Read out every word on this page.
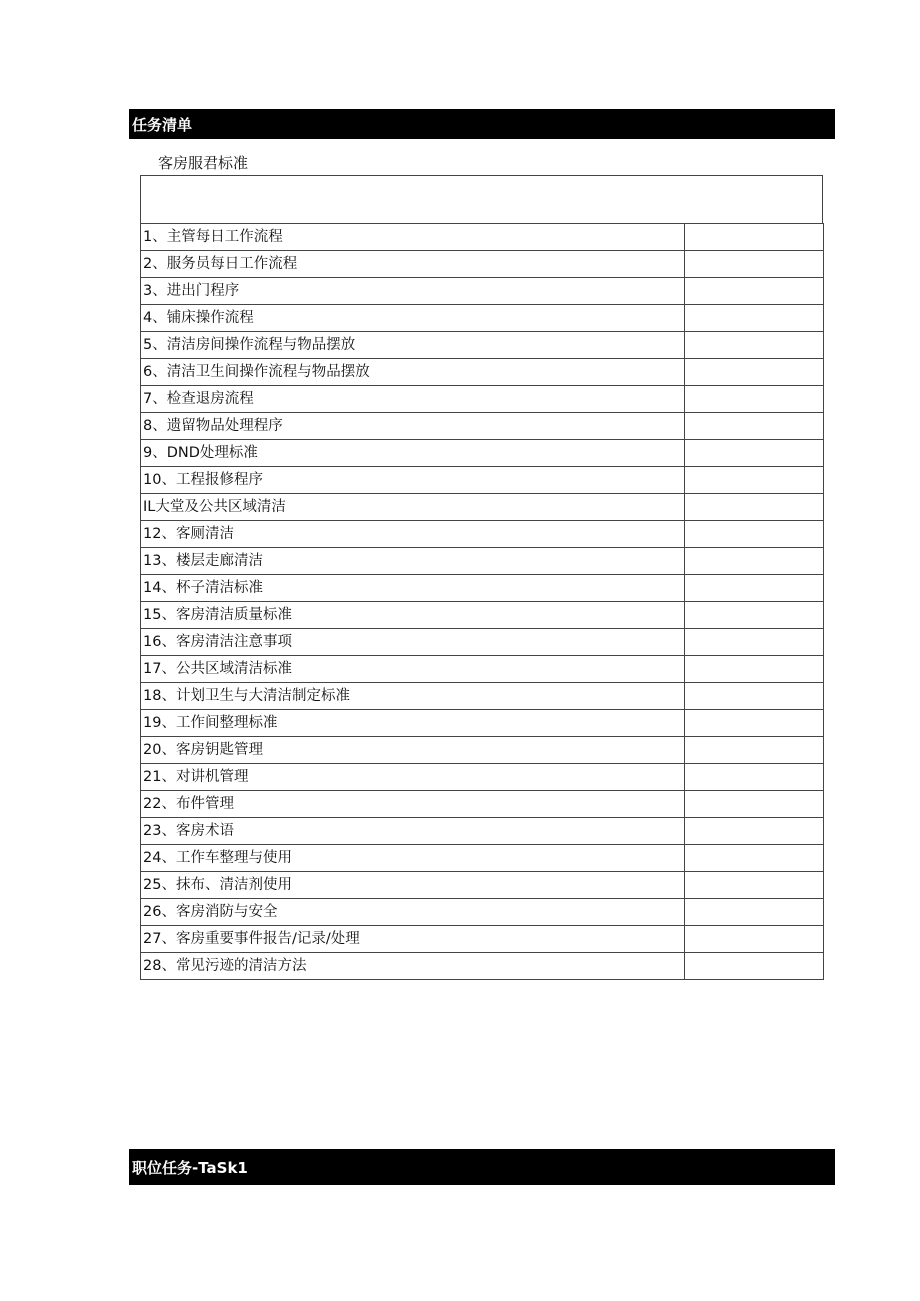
任务清单
客房服君标准
1、主管每日工作流程	
2、服务员每日工作流程	
3、进出门程序	
4、铺床操作流程	
5、清洁房间操作流程与物品摆放	
6、清洁卫生间操作流程与物品摆放	
7、检查退房流程	
8、遗留物品处理程序	
9、DND处理标准	
10、工程报修程序	
IL大堂及公共区域清洁	
12、客厕清洁	
13、楼层走廊清洁	
14、杯子清洁标准	
15、客房清洁质量标准	
16、客房清洁注意事项	
17、公共区域清洁标准	
18、计划卫生与大清洁制定标准	
19、工作间整理标准	
20、客房钥匙管理	
21、对讲机管理	
22、布件管理	
23、客房术语	
24、工作车整理与使用	
25、抹布、清洁剂使用	
26、客房消防与安全	
27、客房重要事件报告/记录/处理	
28、常见污迹的清洁方法	
职位任务-TaSk1
